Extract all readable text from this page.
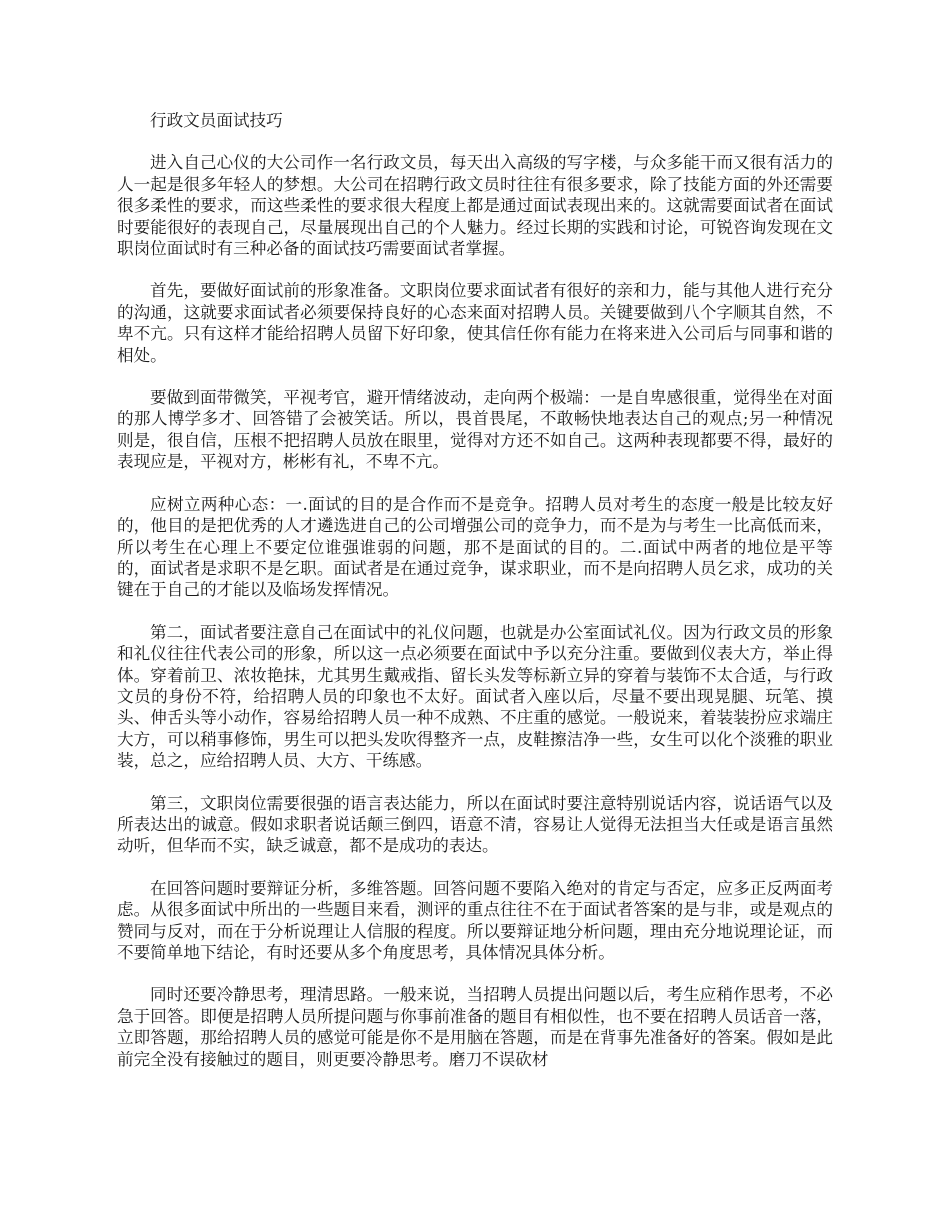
行政文员面试技巧

进入自己心仪的大公司作一名行政文员，每天出入高级的写字楼，与众多能干而又很有活力的人一起是很多年轻人的梦想。大公司在招聘行政文员时往往有很多要求，除了技能方面的外还需要很多柔性的要求，而这些柔性的要求很大程度上都是通过面试表现出来的。这就需要面试者在面试时要能很好的表现自己，尽量展现出自己的个人魅力。经过长期的实践和讨论，可锐咨询发现在文职岗位面试时有三种必备的面试技巧需要面试者掌握。

首先，要做好面试前的形象准备。文职岗位要求面试者有很好的亲和力，能与其他人进行充分的沟通，这就要求面试者必须要保持良好的心态来面对招聘人员。关键要做到八个字顺其自然，不卑不亢。只有这样才能给招聘人员留下好印象，使其信任你有能力在将来进入公司后与同事和谐的相处。

要做到面带微笑，平视考官，避开情绪波动，走向两个极端：一是自卑感很重，觉得坐在对面的那人博学多才、回答错了会被笑话。所以，畏首畏尾，不敢畅快地表达自己的观点;另一种情况则是，很自信，压根不把招聘人员放在眼里，觉得对方还不如自己。这两种表现都要不得，最好的表现应是，平视对方，彬彬有礼，不卑不亢。

应树立两种心态：一.面试的目的是合作而不是竞争。招聘人员对考生的态度一般是比较友好的，他目的是把优秀的人才遴选进自己的公司增强公司的竞争力，而不是为与考生一比高低而来，所以考生在心理上不要定位谁强谁弱的问题，那不是面试的目的。二.面试中两者的地位是平等的，面试者是求职不是乞职。面试者是在通过竞争，谋求职业，而不是向招聘人员乞求，成功的关键在于自己的才能以及临场发挥情况。

第二，面试者要注意自己在面试中的礼仪问题，也就是办公室面试礼仪。因为行政文员的形象和礼仪往往代表公司的形象，所以这一点必须要在面试中予以充分注重。要做到仪表大方，举止得体。穿着前卫、浓妆艳抹，尤其男生戴戒指、留长头发等标新立异的穿着与装饰不太合适，与行政文员的身份不符，给招聘人员的印象也不太好。面试者入座以后，尽量不要出现晃腿、玩笔、摸头、伸舌头等小动作，容易给招聘人员一种不成熟、不庄重的感觉。一般说来，着装装扮应求端庄大方，可以稍事修饰，男生可以把头发吹得整齐一点，皮鞋擦洁净一些，女生可以化个淡雅的职业装，总之，应给招聘人员、大方、干练感。

第三，文职岗位需要很强的语言表达能力，所以在面试时要注意特别说话内容，说话语气以及所表达出的诚意。假如求职者说话颠三倒四，语意不清，容易让人觉得无法担当大任或是语言虽然动听，但华而不实，缺乏诚意，都不是成功的表达。

在回答问题时要辩证分析，多维答题。回答问题不要陷入绝对的肯定与否定，应多正反两面考虑。从很多面试中所出的一些题目来看，测评的重点往往不在于面试者答案的是与非，或是观点的赞同与反对，而在于分析说理让人信服的程度。所以要辩证地分析问题，理由充分地说理论证，而不要简单地下结论，有时还要从多个角度思考，具体情况具体分析。

同时还要冷静思考，理清思路。一般来说，当招聘人员提出问题以后，考生应稍作思考，不必急于回答。即便是招聘人员所提问题与你事前准备的题目有相似性，也不要在招聘人员话音一落，立即答题，那给招聘人员的感觉可能是你不是用脑在答题，而是在背事先准备好的答案。假如是此前完全没有接触过的题目，则更要冷静思考。磨刀不误砍材
